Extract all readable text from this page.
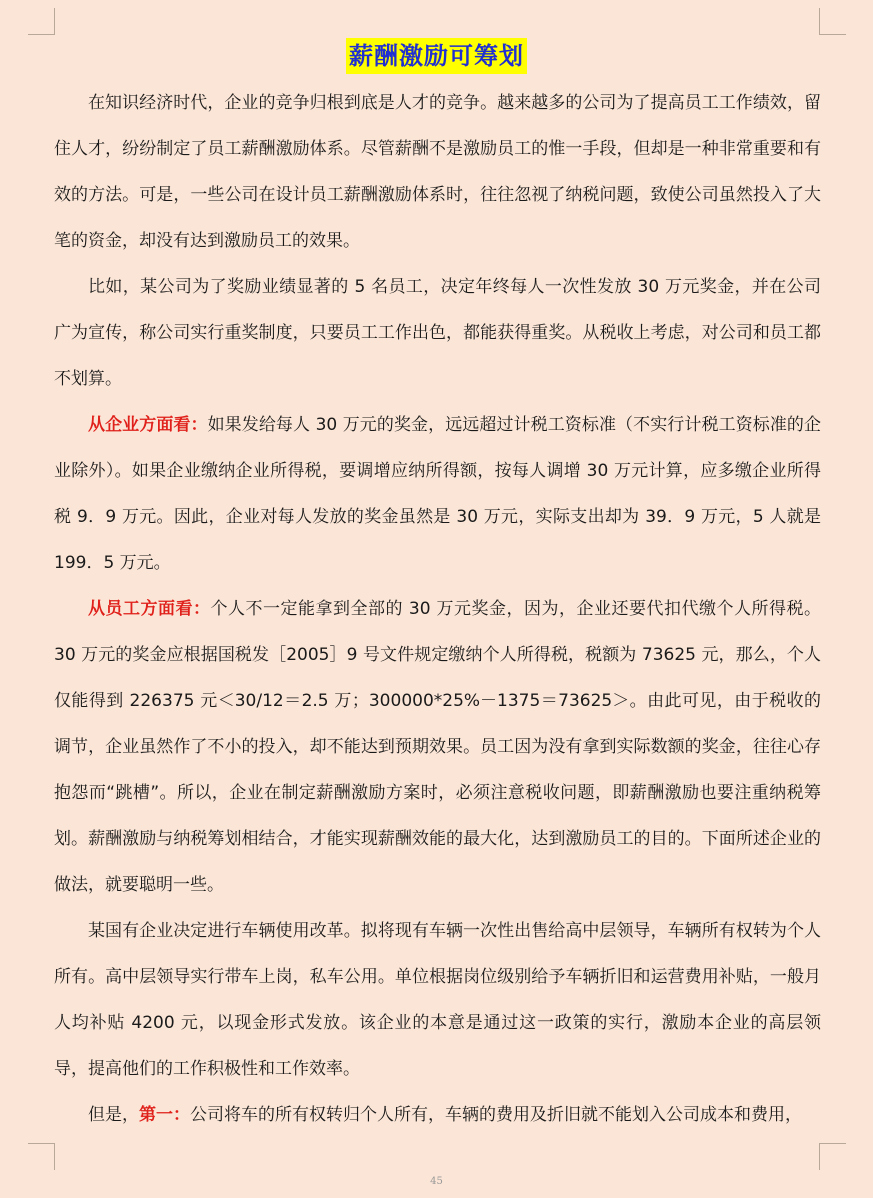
薪酬激励可筹划

在知识经济时代，企业的竞争归根到底是人才的竞争。越来越多的公司为了提高员工工作绩效，留住人才，纷纷制定了员工薪酬激励体系。尽管薪酬不是激励员工的惟一手段，但却是一种非常重要和有效的方法。可是，一些公司在设计员工薪酬激励体系时，往往忽视了纳税问题，致使公司虽然投入了大笔的资金，却没有达到激励员工的效果。

比如，某公司为了奖励业绩显著的 5 名员工，决定年终每人一次性发放 30 万元奖金，并在公司广为宣传，称公司实行重奖制度，只要员工工作出色，都能获得重奖。从税收上考虑，对公司和员工都不划算。

从企业方面看：如果发给每人 30 万元的奖金，远远超过计税工资标准（不实行计税工资标准的企业除外）。如果企业缴纳企业所得税，要调增应纳所得额，按每人调增 30 万元计算，应多缴企业所得税 9．9 万元。因此，企业对每人发放的奖金虽然是 30 万元，实际支出却为 39．9 万元，5 人就是 199．5 万元。

从员工方面看：个人不一定能拿到全部的 30 万元奖金，因为，企业还要代扣代缴个人所得税。30 万元的奖金应根据国税发［2005］9 号文件规定缴纳个人所得税，税额为 73625 元，那么，个人仅能得到 226375 元＜30/12＝2.5 万；300000*25%－1375＝73625＞。由此可见，由于税收的调节，企业虽然作了不小的投入，却不能达到预期效果。员工因为没有拿到实际数额的奖金，往往心存抱怨而“跳槽”。所以，企业在制定薪酬激励方案时，必须注意税收问题，即薪酬激励也要注重纳税筹划。薪酬激励与纳税筹划相结合，才能实现薪酬效能的最大化，达到激励员工的目的。下面所述企业的做法，就要聪明一些。

某国有企业决定进行车辆使用改革。拟将现有车辆一次性出售给高中层领导，车辆所有权转为个人所有。高中层领导实行带车上岗，私车公用。单位根据岗位级别给予车辆折旧和运营费用补贴，一般月人均补贴 4200 元，以现金形式发放。该企业的本意是通过这一政策的实行，激励本企业的高层领导，提高他们的工作积极性和工作效率。

但是，第一：公司将车的所有权转归个人所有，车辆的费用及折旧就不能划入公司成本和费用，

45
